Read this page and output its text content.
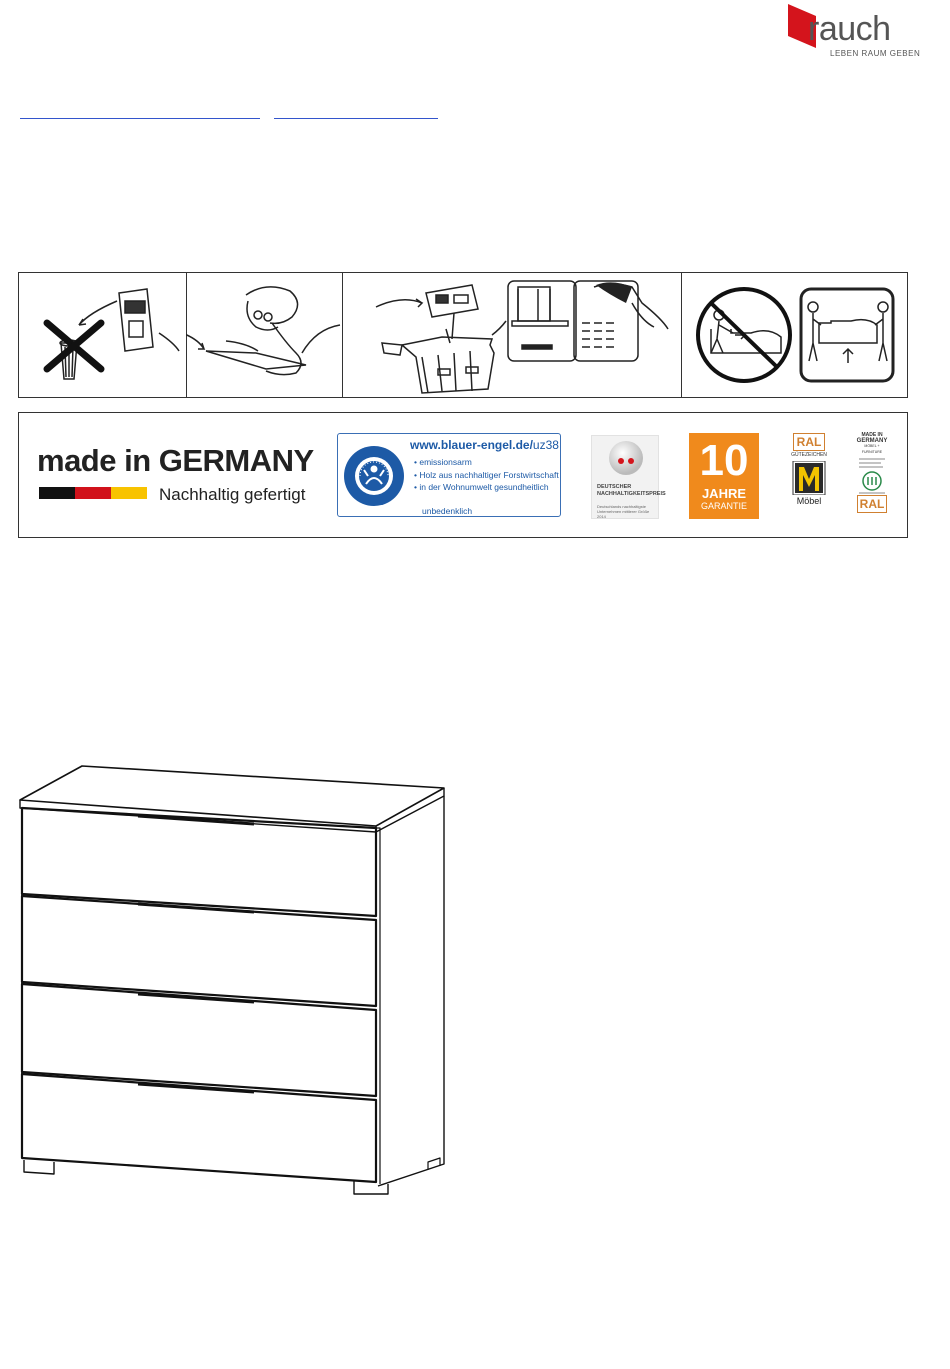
rauch
LEBEN RAUM GEBEN
made in GERMANY
Nachhaltig gefertigt
www.blauer-engel.de/uz38
• emissionsarm
• Holz aus nachhaltiger Forstwirtschaft
• in der Wohnumwelt gesundheitlich
unbedenklich
DEUTSCHER NACHHALTIGKEITSPREIS
Deutschlands nachhaltigste Unternehmen mittlerer Größe 2014
10
JAHRE
GARANTIE
RAL
GÜTEZEICHEN
Möbel
MADE IN
GERMANY
MÖBEL + FURNITURE
RAL
